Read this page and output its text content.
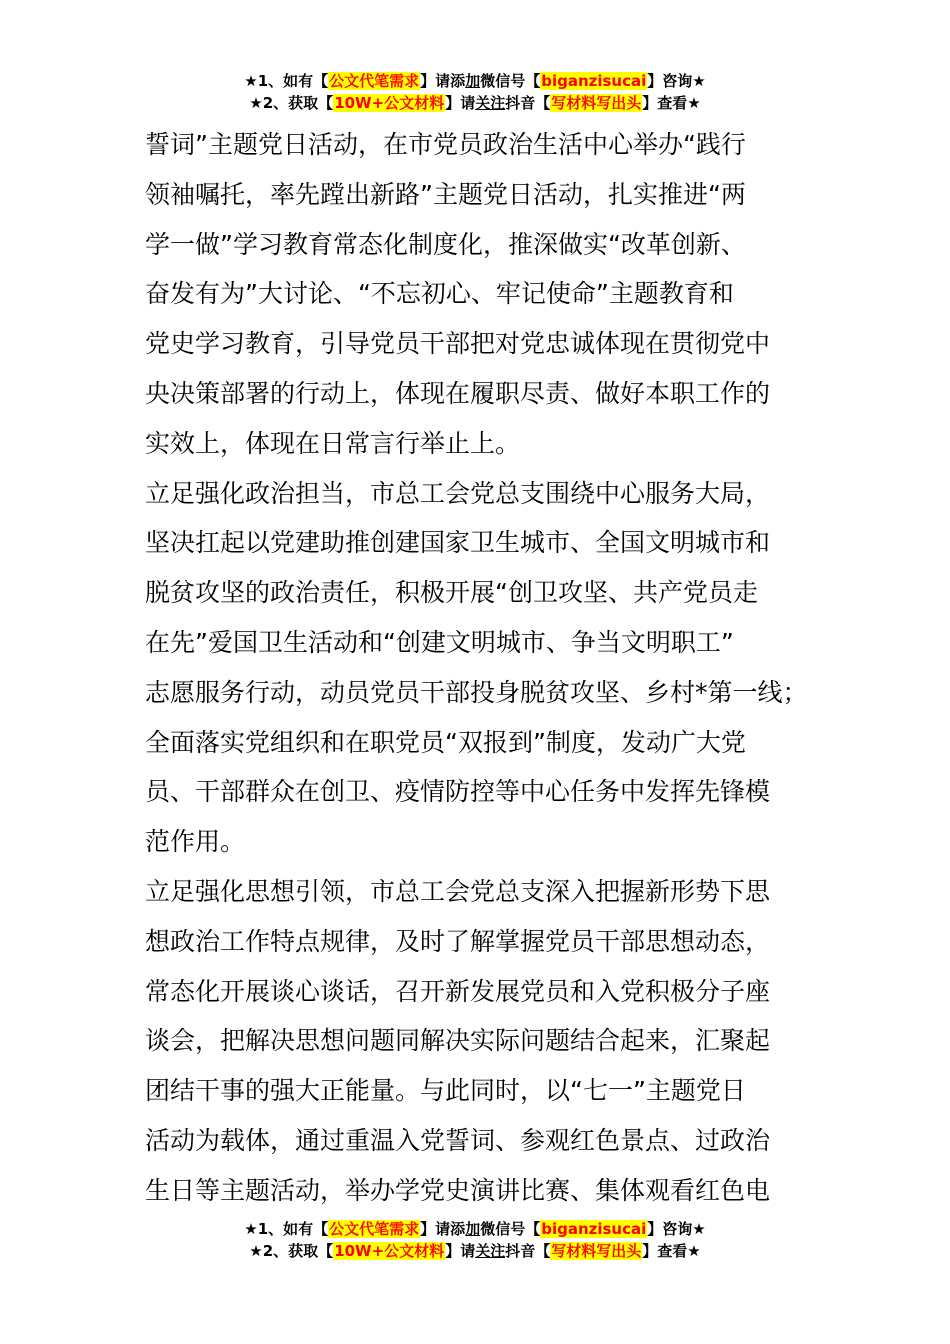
★1、如有【公文代笔需求】请添加微信号【biganzisucai】咨询★
★2、获取【10W+公文材料】请关注抖音【写材料写出头】查看★

誓词”主题党日活动，在市党员政治生活中心举办“践行
领袖嘱托，率先蹚出新路”主题党日活动，扎实推进“两
学一做”学习教育常态化制度化，推深做实“改革创新、
奋发有为”大讨论、“不忘初心、牢记使命”主题教育和
党史学习教育，引导党员干部把对党忠诚体现在贯彻党中
央决策部署的行动上，体现在履职尽责、做好本职工作的
实效上，体现在日常言行举止上。

立足强化政治担当，市总工会党总支围绕中心服务大局，
坚决扛起以党建助推创建国家卫生城市、全国文明城市和
脱贫攻坚的政治责任，积极开展“创卫攻坚、共产党员走
在先”爱国卫生活动和“创建文明城市、争当文明职工”
志愿服务行动，动员党员干部投身脱贫攻坚、乡村*第一线；
全面落实党组织和在职党员“双报到”制度，发动广大党
员、干部群众在创卫、疫情防控等中心任务中发挥先锋模
范作用。

立足强化思想引领，市总工会党总支深入把握新形势下思
想政治工作特点规律，及时了解掌握党员干部思想动态，
常态化开展谈心谈话，召开新发展党员和入党积极分子座
谈会，把解决思想问题同解决实际问题结合起来，汇聚起
团结干事的强大正能量。与此同时，以“七一”主题党日
活动为载体，通过重温入党誓词、参观红色景点、过政治
生日等主题活动，举办学党史演讲比赛、集体观看红色电

★1、如有【公文代笔需求】请添加微信号【biganzisucai】咨询★
★2、获取【10W+公文材料】请关注抖音【写材料写出头】查看★
